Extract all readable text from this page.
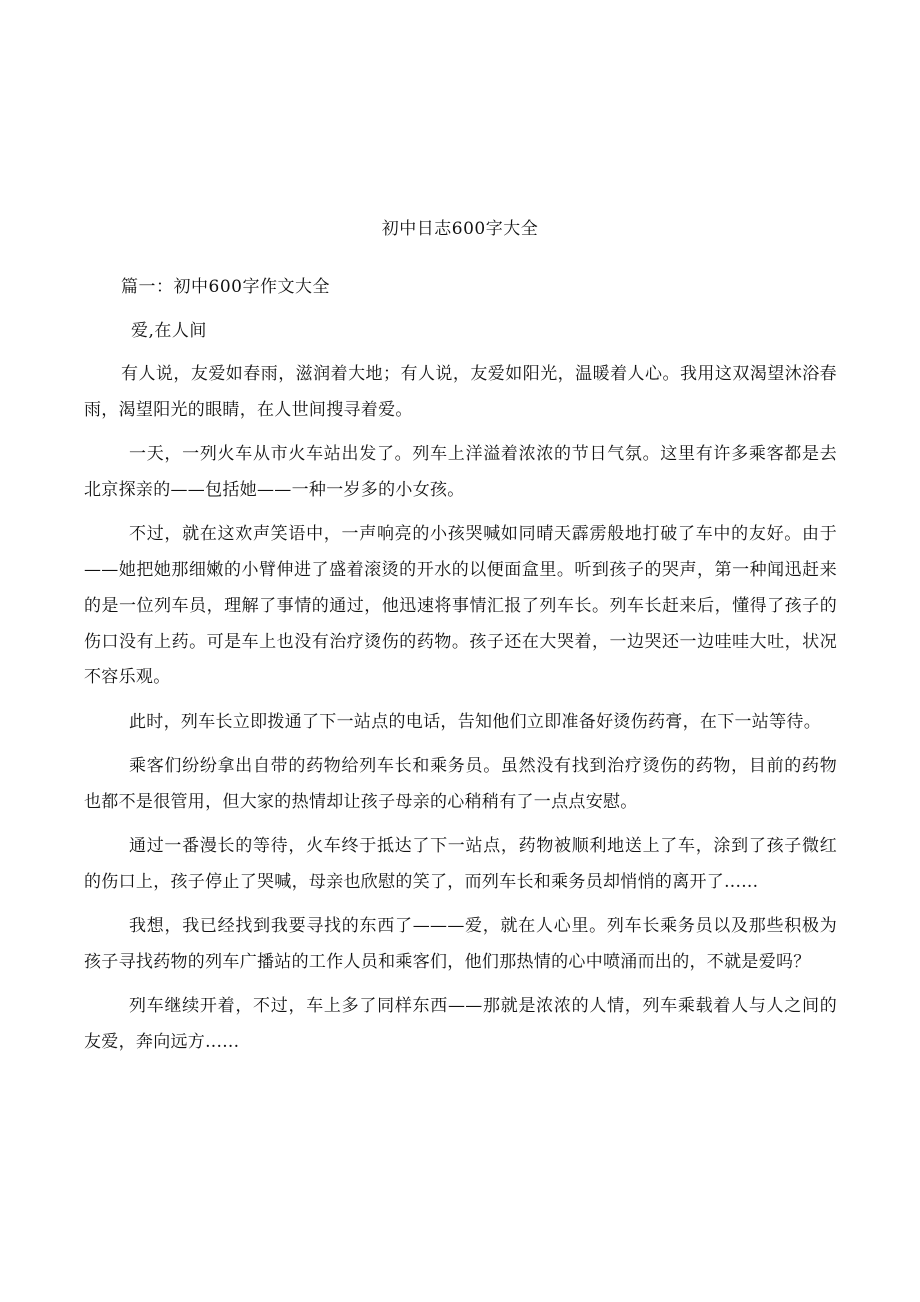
初中日志600字大全
篇一：初中600字作文大全
爱,在人间

有人说，友爱如春雨，滋润着大地；有人说，友爱如阳光，温暖着人心。我用这双渴望沐浴春雨，渴望阳光的眼睛，在人世间搜寻着爱。

一天，一列火车从市火车站出发了。列车上洋溢着浓浓的节日气氛。这里有许多乘客都是去北京探亲的——包括她——一种一岁多的小女孩。

不过，就在这欢声笑语中，一声响亮的小孩哭喊如同晴天霹雳般地打破了车中的友好。由于——她把她那细嫩的小臂伸进了盛着滚烫的开水的以便面盒里。听到孩子的哭声，第一种闻迅赶来的是一位列车员，理解了事情的通过，他迅速将事情汇报了列车长。列车长赶来后，懂得了孩子的伤口没有上药。可是车上也没有治疗烫伤的药物。孩子还在大哭着，一边哭还一边哇哇大吐，状况不容乐观。

此时，列车长立即拨通了下一站点的电话，告知他们立即准备好烫伤药膏，在下一站等待。

乘客们纷纷拿出自带的药物给列车长和乘务员。虽然没有找到治疗烫伤的药物，目前的药物也都不是很管用，但大家的热情却让孩子母亲的心稍稍有了一点点安慰。

通过一番漫长的等待，火车终于抵达了下一站点，药物被顺利地送上了车，涂到了孩子微红的伤口上，孩子停止了哭喊，母亲也欣慰的笑了，而列车长和乘务员却悄悄的离开了......

我想，我已经找到我要寻找的东西了———爱，就在人心里。列车长乘务员以及那些积极为孩子寻找药物的列车广播站的工作人员和乘客们，他们那热情的心中喷涌而出的，不就是爱吗？

列车继续开着，不过，车上多了同样东西——那就是浓浓的人情，列车乘载着人与人之间的友爱，奔向远方......
